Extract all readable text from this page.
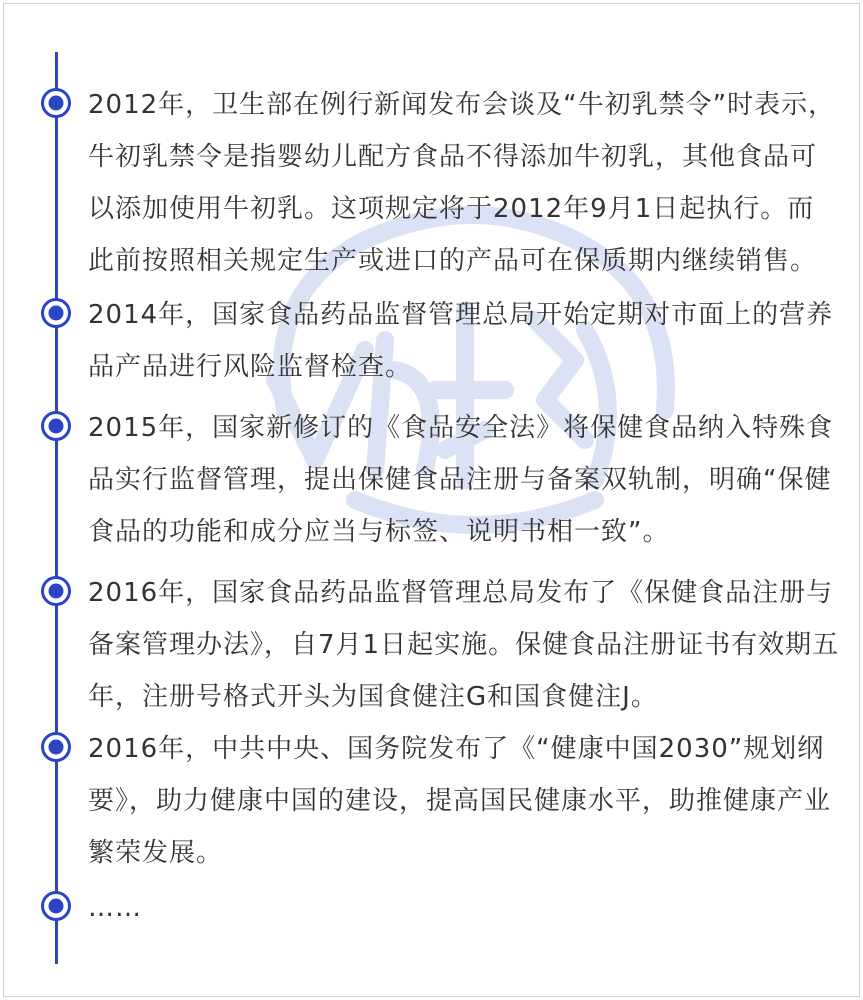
2012年，卫生部在例行新闻发布会谈及“牛初乳禁令”时表示，牛初乳禁令是指婴幼儿配方食品不得添加牛初乳，其他食品可以添加使用牛初乳。这项规定将于2012年9月1日起执行。而此前按照相关规定生产或进口的产品可在保质期内继续销售。

2014年，国家食品药品监督管理总局开始定期对市面上的营养品产品进行风险监督检查。

2015年，国家新修订的《食品安全法》将保健食品纳入特殊食品实行监督管理，提出保健食品注册与备案双轨制，明确“保健食品的功能和成分应当与标签、说明书相一致”。

2016年，国家食品药品监督管理总局发布了《保健食品注册与备案管理办法》，自7月1日起实施。保健食品注册证书有效期五年，注册号格式开头为国食健注G和国食健注J。

2016年，中共中央、国务院发布了《“健康中国2030”规划纲要》，助力健康中国的建设，提高国民健康水平，助推健康产业繁荣发展。

……
